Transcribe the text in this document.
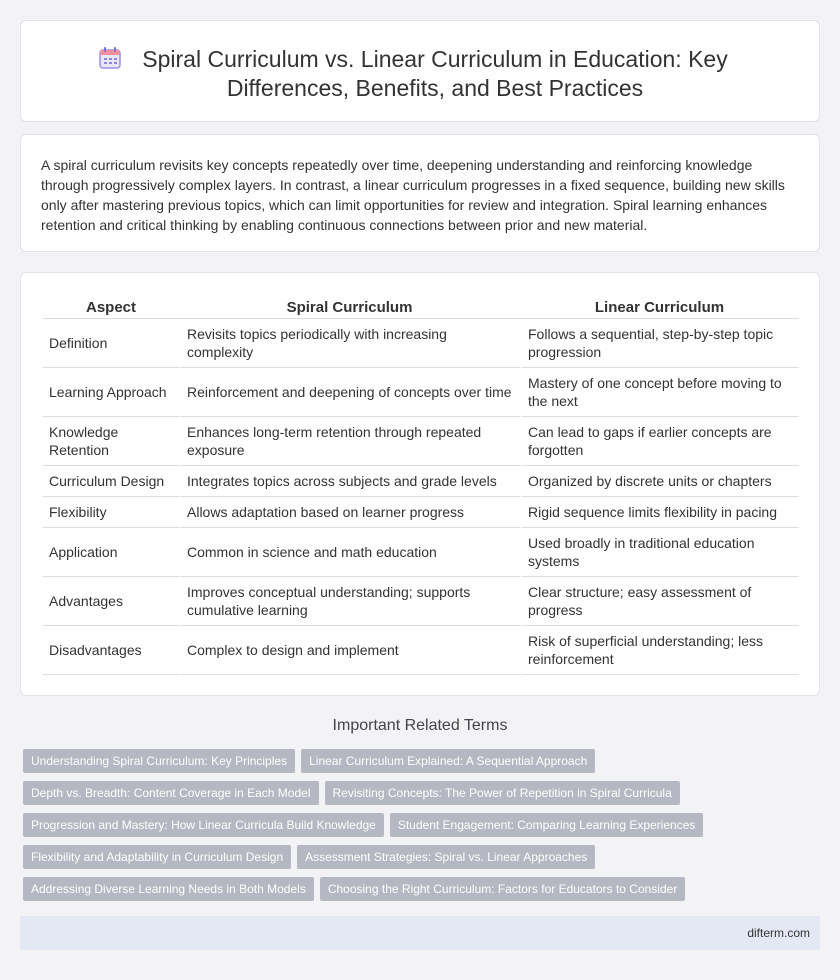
Spiral Curriculum vs. Linear Curriculum in Education: Key Differences, Benefits, and Best Practices

A spiral curriculum revisits key concepts repeatedly over time, deepening understanding and reinforcing knowledge through progressively complex layers. In contrast, a linear curriculum progresses in a fixed sequence, building new skills only after mastering previous topics, which can limit opportunities for review and integration. Spiral learning enhances retention and critical thinking by enabling continuous connections between prior and new material.

Aspect	Spiral Curriculum	Linear Curriculum
Definition	Revisits topics periodically with increasing complexity	Follows a sequential, step-by-step topic progression
Learning Approach	Reinforcement and deepening of concepts over time	Mastery of one concept before moving to the next
Knowledge Retention	Enhances long-term retention through repeated exposure	Can lead to gaps if earlier concepts are forgotten
Curriculum Design	Integrates topics across subjects and grade levels	Organized by discrete units or chapters
Flexibility	Allows adaptation based on learner progress	Rigid sequence limits flexibility in pacing
Application	Common in science and math education	Used broadly in traditional education systems
Advantages	Improves conceptual understanding; supports cumulative learning	Clear structure; easy assessment of progress
Disadvantages	Complex to design and implement	Risk of superficial understanding; less reinforcement
Important Related Terms
Understanding Spiral Curriculum: Key Principles Linear Curriculum Explained: A Sequential Approach
Depth vs. Breadth: Content Coverage in Each Model Revisiting Concepts: The Power of Repetition in Spiral Curricula
Progression and Mastery: How Linear Curricula Build Knowledge Student Engagement: Comparing Learning Experiences
Flexibility and Adaptability in Curriculum Design Assessment Strategies: Spiral vs. Linear Approaches
Addressing Diverse Learning Needs in Both Models Choosing the Right Curriculum: Factors for Educators to Consider
difterm.com
